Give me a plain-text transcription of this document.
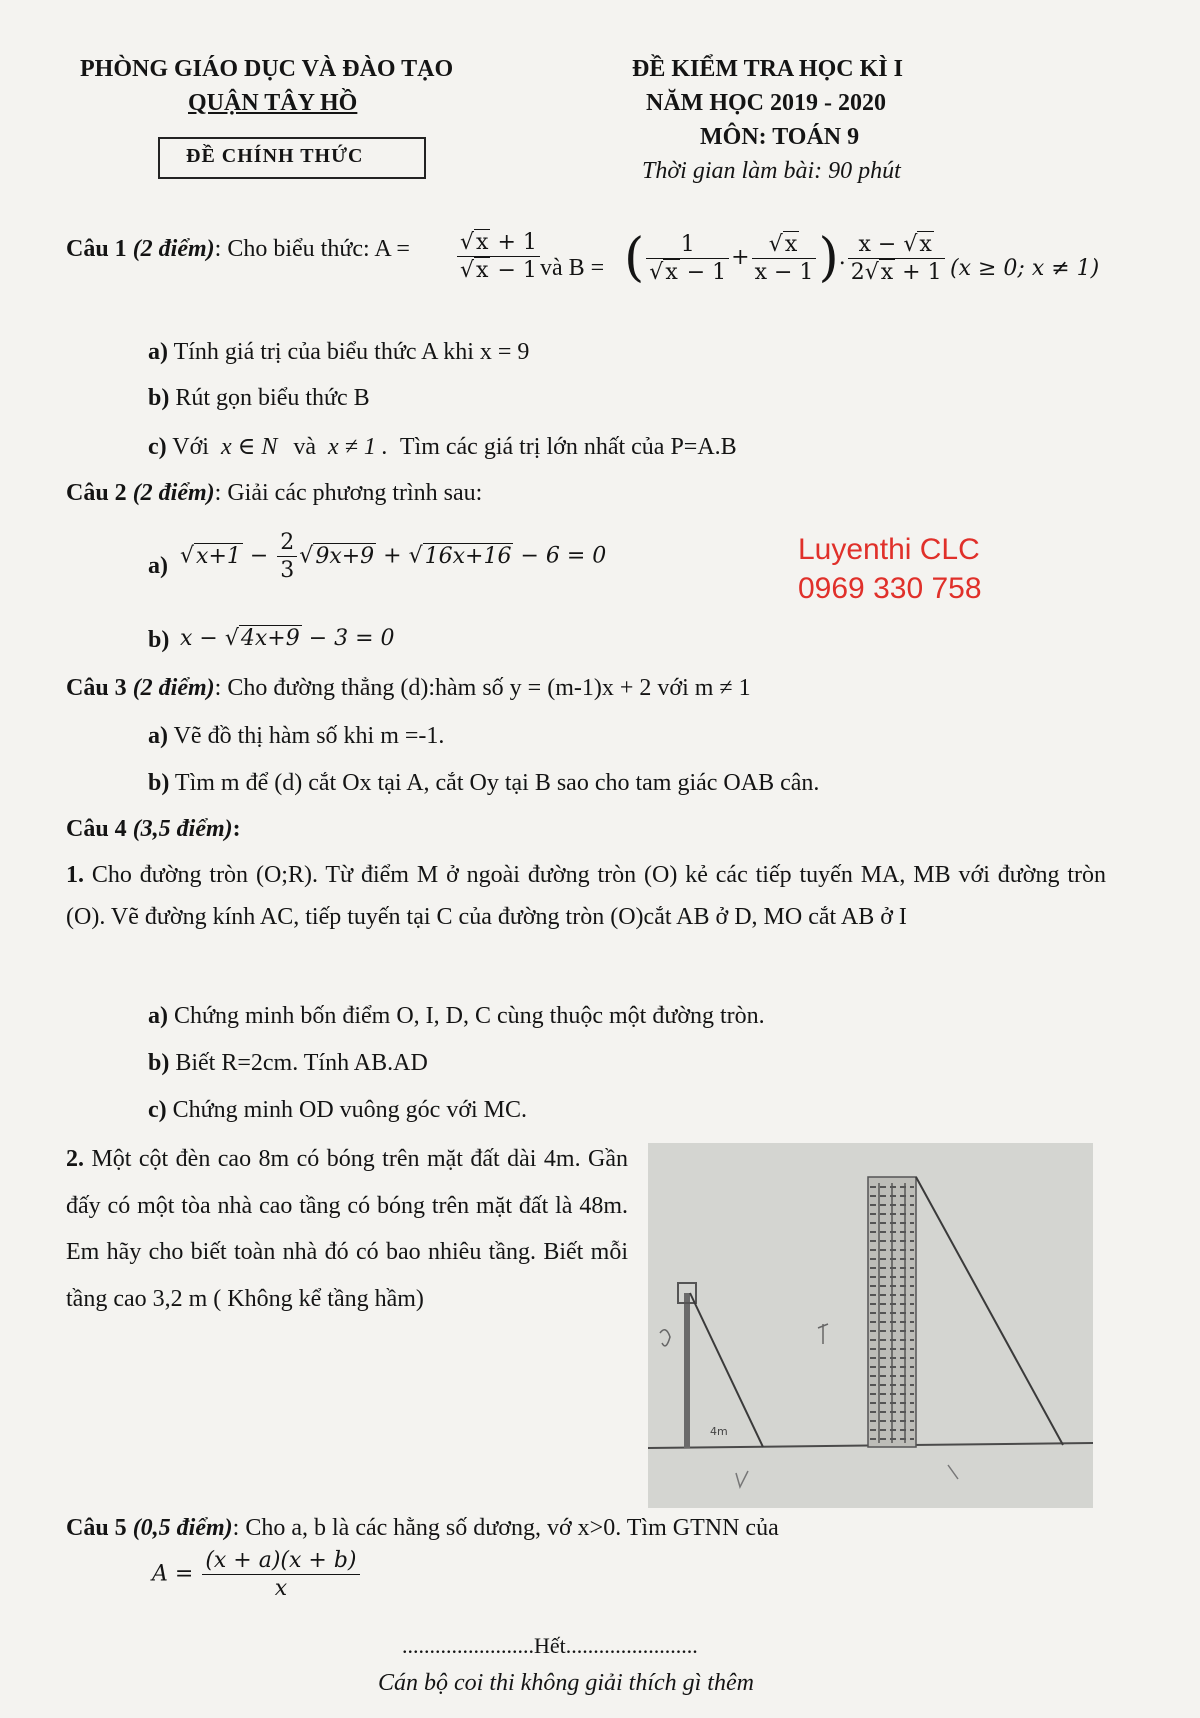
PHÒNG GIÁO DỤC VÀ ĐÀO TẠO
QUẬN TÂY HỒ
ĐỀ CHÍNH THỨC
ĐỀ KIỂM TRA HỌC KÌ I
NĂM HỌC 2019 - 2020
MÔN: TOÁN 9
Thời gian làm bài: 90 phút
Câu 1 (2 điểm): Cho biểu thức: $A = \frac{√x + 1}{√x - 1}$ và B = ( $\frac{1}{√x - 1} + \frac{√x}{x - 1}$ ). $\frac{x - √x}{2√x + 1} (x \ge 0$; x ≠ 1)
a) Tính giá trị của biểu thức A khi x = 9
b) Rút gọn biểu thức B
c) Với x ∈ N và x ≠ 1 . Tìm các giá trị lớn nhất của P=A.B
Câu 2 (2 điểm): Giải các phương trình sau:
a) $√x+1 - \frac{2}{3} √9x+9 + √16x+16 - 6 = 0$
b) x − √4x+9 − 3 = 0
Luyenthi CLC
0969 330 758
Câu 3 (2 điểm): Cho đường thẳng (d):hàm số y = (m-1)x + 2 với m ≠ 1
a) Vẽ đồ thị hàm số khi m =-1.
b) Tìm m để (d) cắt Ox tại A, cắt Oy tại B sao cho tam giác OAB cân.
Câu 4 (3,5 điểm):
1. Cho đường tròn (O;R). Từ điểm M ở ngoài đường tròn (O) kẻ các tiếp tuyến MA, MB với đường tròn (O). Vẽ đường kính AC, tiếp tuyến tại C của đường tròn (O)cắt AB ở D, MO cắt AB ở I
a) Chứng minh bốn điểm O, I, D, C cùng thuộc một đường tròn.
b) Biết R=2cm. Tính AB.AD
c) Chứng minh OD vuông góc với MC.
2. Một cột đèn cao 8m có bóng trên mặt đất dài 4m. Gần đấy có một tòa nhà cao tầng có bóng trên mặt đất là 48m. Em hãy cho biết toàn nhà đó có bao nhiêu tầng. Biết mỗi tầng cao 3,2 m ( Không kể tầng hầm)
4m
Câu 5 (0,5 điểm): Cho a, b là các hằng số dương, vớ x>0. Tìm GTNN của
$A = \frac{(x + a)(x + b)}{x}$
........................Hết........................
Cán bộ coi thi không giải thích gì thêm
